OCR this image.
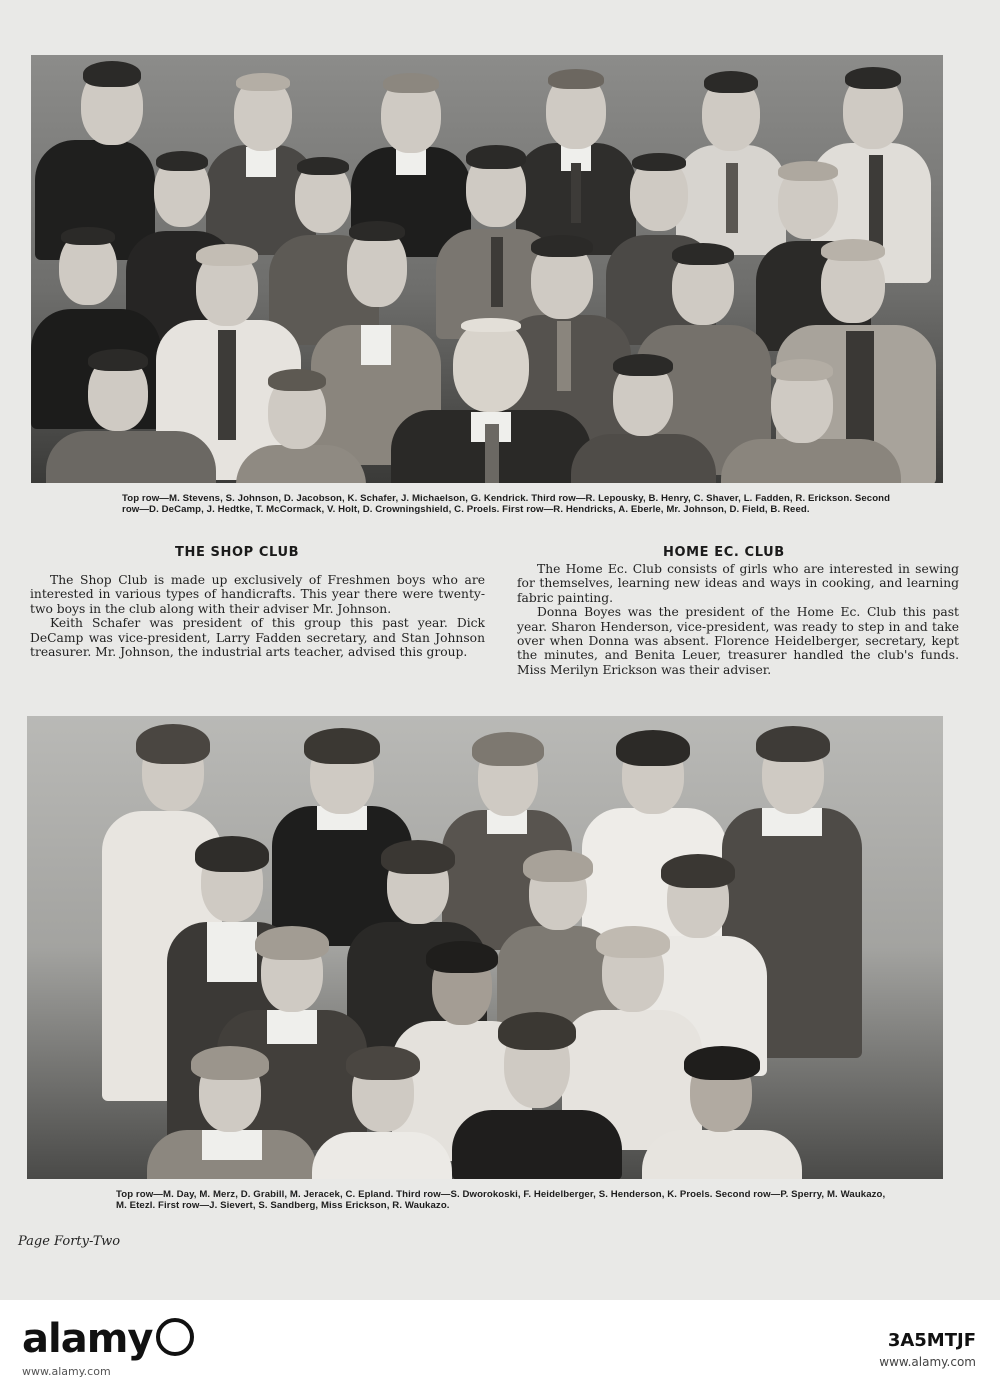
Top row—M. Stevens, S. Johnson, D. Jacobson, K. Schafer, J. Michaelson, G. Kendrick. Third row—R. Lepousky, B. Henry, C. Shaver, L. Fadden, R. Erickson. Second row—D. DeCamp, J. Hedtke, T. McCormack, V. Holt, D. Crowningshield, C. Proels. First row—R. Hendricks, A. Eberle, Mr. Johnson, D. Field, B. Reed.
THE SHOP CLUB

The Shop Club is made up exclusively of Freshmen boys who are interested in various types of handicrafts. This year there were twenty-two boys in the club along with their adviser Mr. Johnson.

Keith Schafer was president of this group this past year. Dick DeCamp was vice-president, Larry Fadden secretary, and Stan Johnson treasurer. Mr. Johnson, the industrial arts teacher, advised this group.

HOME EC. CLUB

The Home Ec. Club consists of girls who are interested in sewing for themselves, learning new ideas and ways in cooking, and learning fabric painting.

Donna Boyes was the president of the Home Ec. Club this past year. Sharon Henderson, vice-president, was ready to step in and take over when Donna was absent. Florence Heidelberger, secretary, kept the minutes, and Benita Leuer, treasurer handled the club's funds. Miss Merilyn Erickson was their adviser.

Top row—M. Day, M. Merz, D. Grabill, M. Jeracek, C. Epland. Third row—S. Dworokoski, F. Heidelberger, S. Henderson, K. Proels. Second row—P. Sperry, M. Waukazo, M. Etezl. First row—J. Sievert, S. Sandberg, Miss Erickson, R. Waukazo.
Page Forty-Two
alamy
www.alamy.com
3A5MTJF
www.alamy.com
